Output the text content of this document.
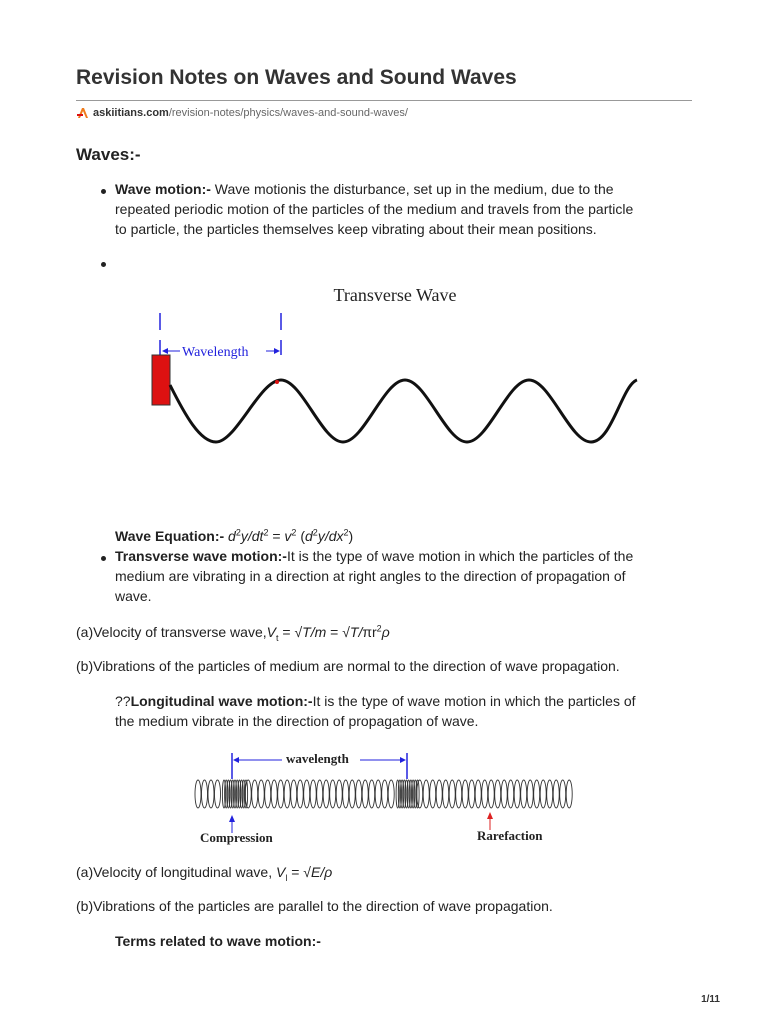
Revision Notes on Waves and Sound Waves
askiitians.com /revision-notes/physics/waves-and-sound-waves/
Waves:-
Wave motion:- Wave motionis the disturbance, set up in the medium, due to the
repeated periodic motion of the particles of the medium and travels from the particle
to particle, the particles themselves keep vibrating about their mean positions.
Transverse Wave
Wavelength
Wave Equation:- $d^2y/dt^2 = v^2$ $(d^2y/dx^2)$
Transverse wave motion:-It is the type of wave motion in which the particles of the
medium are vibrating in a direction at right angles to the direction of propagation of
wave.
(a)Velocity of transverse $wave,V_t = √T/m = √T/\pi r^2\rho$
(b)Vibrations of the particles of medium are normal to the direction of wave propagation.
??Longitudinal wave motion:-It is the type of wave motion in which the particles of
the medium vibrate in the direction of propagation of wave.
wavelength
Compression	Rarefaction
(a)Velocity of longitudinal wave, $V_l = √E/\rho$
(b)Vibrations of the particles are parallel to the direction of wave propagation.
Terms related to wave motion:-
1/11
